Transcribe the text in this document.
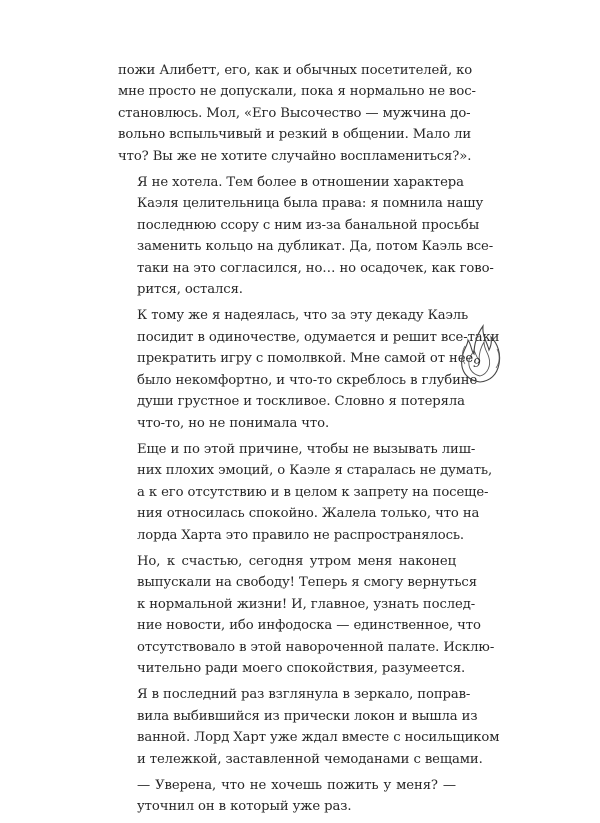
пожи Алибетт, его, как и обычных посетителей, ко
мне просто не допускали, пока я нормально не вос-
становлюсь. Мол, «Его Высочество — мужчина до-
вольно вспыльчивый и резкий в общении. Мало ли
что? Вы же не хотите случайно воспламениться?».

Я не хотела. Тем более в отношении характера
Каэля целительница была права: я помнила нашу
последнюю ссору с ним из-за банальной просьбы
заменить кольцо на дубликат. Да, потом Каэль все-
таки на это согласился, но… но осадочек, как гово-
рится, остался.

К тому же я надеялась, что за эту декаду Каэль
посидит в одиночестве, одумается и решит все-таки
прекратить игру с помолвкой. Мне самой от нее
было некомфортно, и что-то скреблось в глубине
души грустное и тоскливое. Словно я потеряла
что-то, но не понимала что.

Еще и по этой причине, чтобы не вызывать лиш-
них плохих эмоций, о Каэле я старалась не думать,
а к его отсутствию и в целом к запрету на посеще-
ния относилась спокойно. Жалела только, что на
лорда Харта это правило не распространялось.

Но, к счастью, сегодня утром меня наконец
выпускали на свободу! Теперь я смогу вернуться
к нормальной жизни! И, главное, узнать послед-
ние новости, ибо инфодоска — единственное, что
отсутствовало в этой навороченной палате. Исклю-
чительно ради моего спокойствия, разумеется.

Я в последний раз взглянула в зеркало, поправ-
вила выбившийся из прически локон и вышла из
ванной. Лорд Харт уже ждал вместе с носильщиком
и тележкой, заставленной чемоданами с вещами.

— Уверена, что не хочешь пожить у меня? —
уточнил он в который уже раз.

9
